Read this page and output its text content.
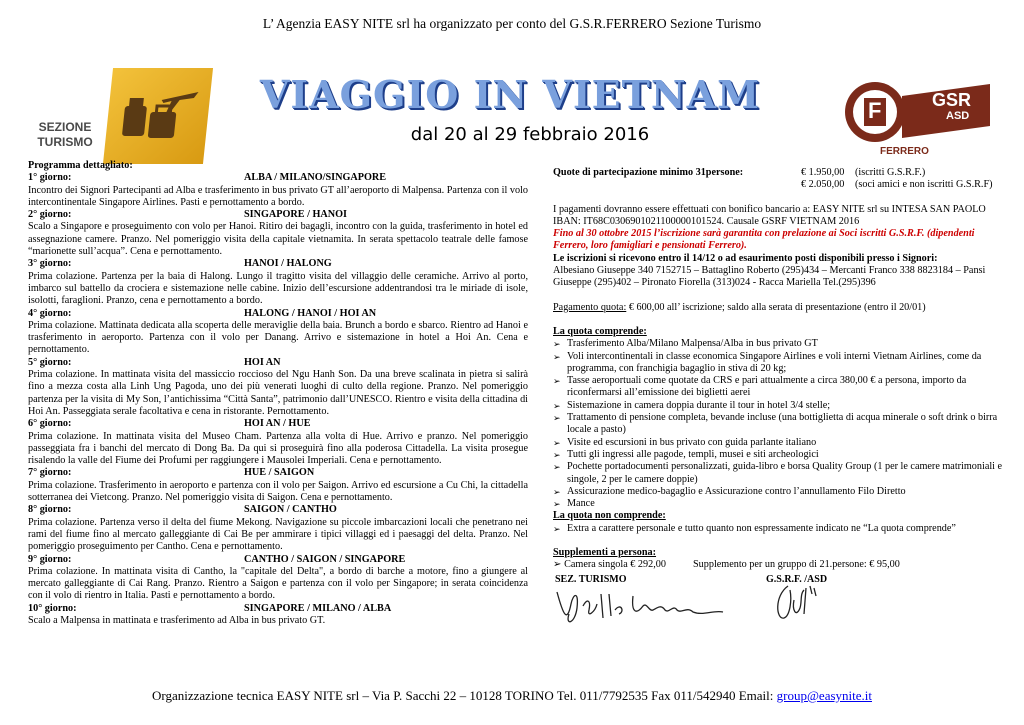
L’ Agenzia EASY NITE srl ha organizzato per conto del G.S.R.FERRERO Sezione Turismo
SEZIONE
TURISMO
VIAGGIO IN VIETNAM
dal 20 al 29 febbraio 2016
F	GSR
ASD
FERRERO
Programma dettagliato:
1° giorno:	ALBA / MILANO/SINGAPORE
Incontro dei Signori Partecipanti ad Alba e trasferimento in bus privato GT all’aeroporto di Malpensa. Partenza con il volo intercontinentale Singapore Airlines. Pasti e pernottamento a bordo.
2° giorno:	SINGAPORE / HANOI
Scalo a Singapore e proseguimento con volo per Hanoi. Ritiro dei bagagli, incontro con la guida, trasferimento in hotel ed assegnazione camere. Pranzo. Nel pomeriggio visita della capitale vietnamita. In serata spettacolo teatrale delle famose “marionette sull’acqua”. Cena e pernottamento.
3° giorno:	HANOI / HALONG
Prima colazione. Partenza per la baia di Halong. Lungo il tragitto visita del villaggio delle ceramiche. Arrivo al porto, imbarco sul battello da crociera e sistemazione nelle cabine. Inizio dell’escursione addentrandosi tra le miriade di isole, isolotti, faraglioni. Pranzo, cena e pernottamento a bordo.
4° giorno:	HALONG / HANOI / HOI AN
Prima colazione. Mattinata dedicata alla scoperta delle meraviglie della baia. Brunch a bordo e sbarco. Rientro ad Hanoi e trasferimento in aeroporto. Partenza con il volo per Danang. Arrivo e sistemazione in hotel a Hoi An. Cena e pernottamento.
5° giorno:	HOI AN
Prima colazione. In mattinata visita del massiccio roccioso del Ngu Hanh Son. Da una breve scalinata in pietra si salirà fino a mezza costa alla Linh Ung Pagoda, uno dei più venerati luoghi di culto della regione. Pranzo. Nel pomeriggio partenza per la visita di My Son, l’antichissima “Città Santa”, patrimonio dall’UNESCO. Rientro e visita della cittadina di Hoi An. Passeggiata serale facoltativa e cena in ristorante. Pernottamento.
6° giorno:	HOI AN / HUE
Prima colazione. In mattinata visita del Museo Cham. Partenza alla volta di Hue. Arrivo e pranzo. Nel pomeriggio passeggiata fra i banchi del mercato di Dong Ba. Da qui si proseguirà fino alla poderosa Cittadella. La visita prosegue risalendo la valle del Fiume dei Profumi per raggiungere i Mausolei Imperiali. Cena e pernottamento.
7° giorno:	HUE / SAIGON
Prima colazione. Trasferimento in aeroporto e partenza con il volo per Saigon. Arrivo ed escursione a Cu Chi, la cittadella sotterranea dei Vietcong. Pranzo. Nel pomeriggio visita di Saigon. Cena e pernottamento.
8° giorno:	SAIGON / CANTHO
Prima colazione. Partenza verso il delta del fiume Mekong. Navigazione su piccole imbarcazioni locali che penetrano nei rami del fiume fino al mercato galleggiante di Cai Be per ammirare i tipici villaggi ed i paesaggi del delta. Pranzo. Nel pomeriggio proseguimento per Cantho. Cena e pernottamento.
9° giorno:	CANTHO / SAIGON / SINGAPORE
Prima colazione. In mattinata visita di Cantho, la "capitale del Delta", a bordo di barche a motore, fino a giungere al mercato galleggiante di Cai Rang. Pranzo. Rientro a Saigon e partenza con il volo per Singapore; in serata coincidenza con il volo di rientro in Italia. Pasti e pernottamento a bordo.
10° giorno:	SINGAPORE / MILANO / ALBA
Scalo a Malpensa in mattinata e trasferimento ad Alba in bus privato GT.
Quote di partecipazione minimo 31persone:	€ 1.950,00 (iscritti G.S.R.F.)
€ 2.050,00 (soci amici e non iscritti G.S.R.F)
I pagamenti dovranno essere effettuati con bonifico bancario a: EASY NITE srl su INTESA SAN PAOLO IBAN: IT68C0306901021100000101524. Causale GSRF VIETNAM 2016
Fino al 30 ottobre 2015 l’iscrizione sarà garantita con prelazione ai Soci iscritti G.S.R.F. (dipendenti Ferrero, loro famigliari e pensionati Ferrero).
Le iscrizioni si ricevono entro il 14/12 o ad esaurimento posti disponibili presso i Signori:
Albesiano Giuseppe 340 7152715 – Battaglino Roberto (295)434 – Mercanti Franco 338 8823184 – Pansi Giuseppe (295)402 – Pironato Fiorella (313)024 - Racca Mariella Tel.(295)396
Pagamento quota: € 600,00 all’ iscrizione; saldo alla serata di presentazione (entro il 20/01)
La quota comprende:
➢ Trasferimento Alba/Milano Malpensa/Alba in bus privato GT
➢ Voli intercontinentali in classe economica Singapore Airlines e voli interni Vietnam Airlines, come da programma, con franchigia bagaglio in stiva di 20 kg;
➢ Tasse aeroportuali come quotate da CRS e pari attualmente a circa 380,00 € a persona, importo da riconfermarsi all’emissione dei biglietti aerei
➢ Sistemazione in camera doppia durante il tour in hotel 3/4 stelle;
➢ Trattamento di pensione completa, bevande incluse (una bottiglietta di acqua minerale o soft drink o birra locale a pasto)
➢ Visite ed escursioni in bus privato con guida parlante italiano
➢ Tutti gli ingressi alle pagode, templi, musei e siti archeologici
➢ Pochette portadocumenti personalizzati, guida-libro e borsa Quality Group (1 per le camere matrimoniali e singole, 2 per le camere doppie)
➢ Assicurazione medico-bagaglio e Assicurazione contro l’annullamento Filo Diretto
➢ Mance
La quota non comprende:
➢ Extra a carattere personale e tutto quanto non espressamente indicato ne “La quota comprende”
Supplementi a persona:
➢ Camera singola € 292,00	Supplemento per un gruppo di 21.persone: € 95,00
SEZ. TURISMO	G.S.R.F. /ASD
Organizzazione tecnica EASY NITE srl – Via P. Sacchi 22 – 10128 TORINO Tel. 011/7792535 Fax 011/542940 Email: group@easynite.it
